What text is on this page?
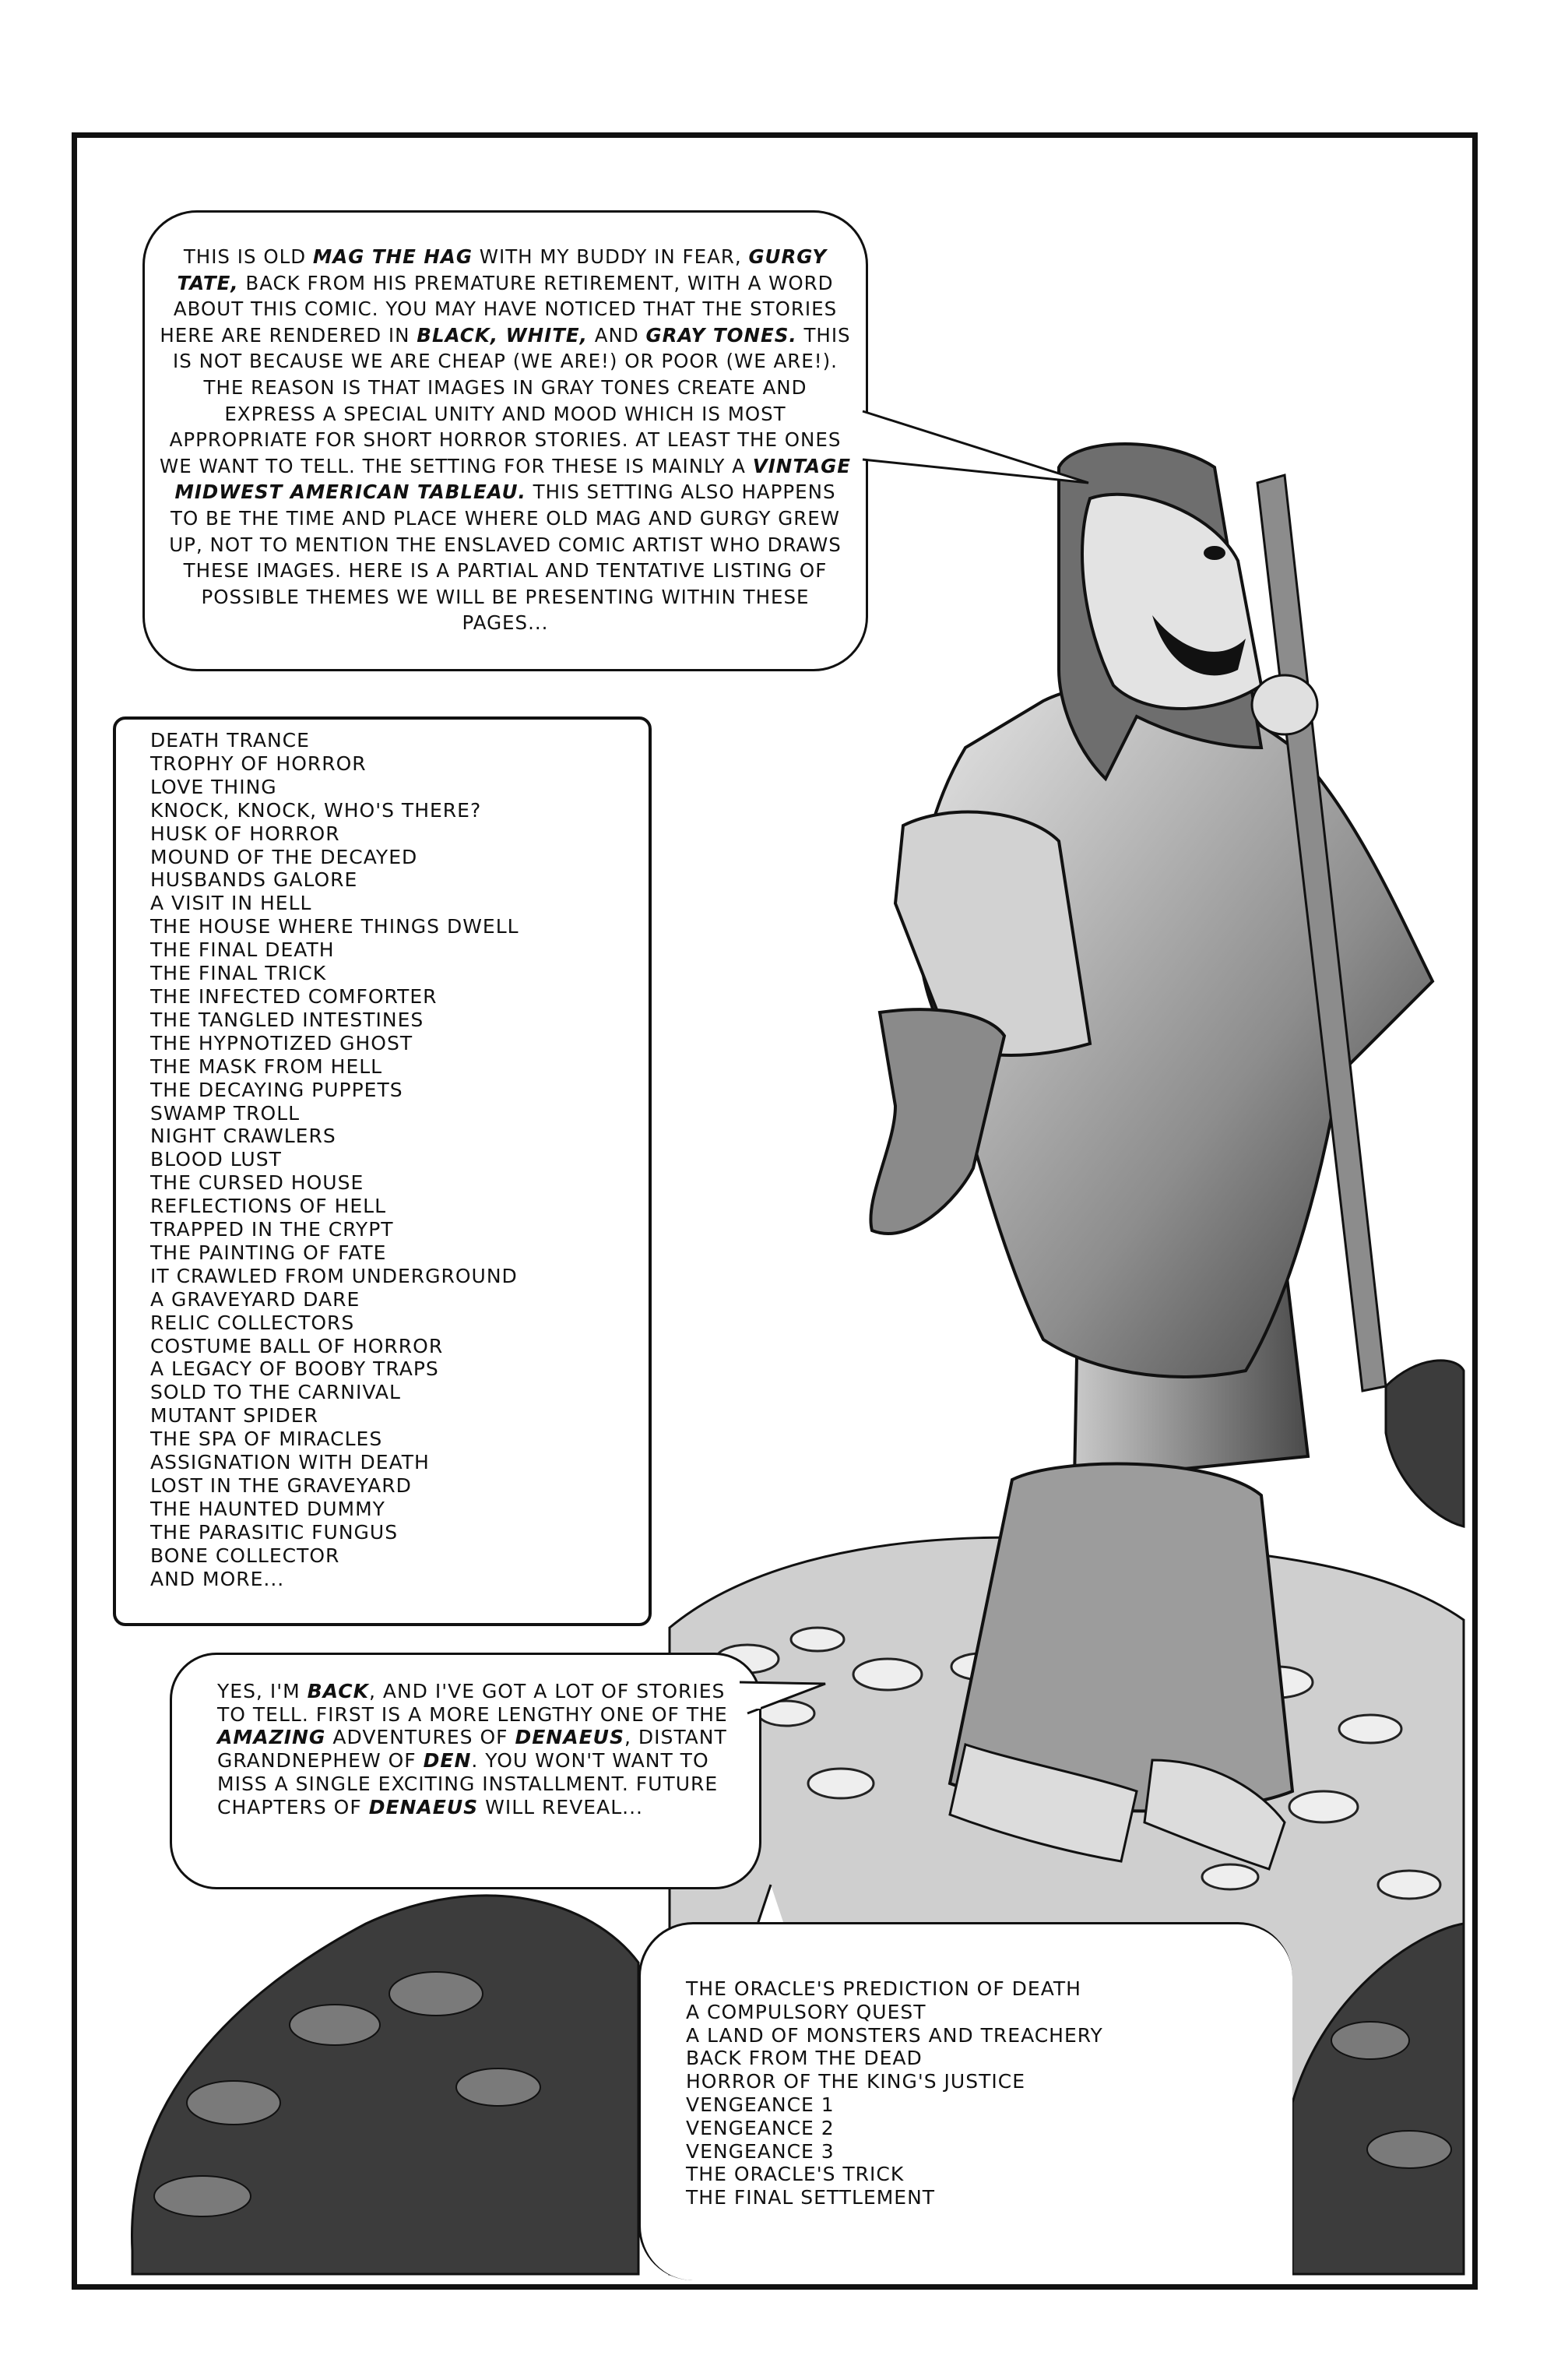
THIS IS OLD MAG THE HAG WITH MY BUDDY IN FEAR, GURGY TATE, BACK FROM HIS PREMATURE RETIREMENT, WITH A WORD ABOUT THIS COMIC. YOU MAY HAVE NOTICED THAT THE STORIES HERE ARE RENDERED IN BLACK, WHITE, AND GRAY TONES. THIS IS NOT BECAUSE WE ARE CHEAP (WE ARE!) OR POOR (WE ARE!). THE REASON IS THAT IMAGES IN GRAY TONES CREATE AND EXPRESS A SPECIAL UNITY AND MOOD WHICH IS MOST APPROPRIATE FOR SHORT HORROR STORIES. AT LEAST THE ONES WE WANT TO TELL. THE SETTING FOR THESE IS MAINLY A VINTAGE MIDWEST AMERICAN TABLEAU. THIS SETTING ALSO HAPPENS TO BE THE TIME AND PLACE WHERE OLD MAG AND GURGY GREW UP, NOT TO MENTION THE ENSLAVED COMIC ARTIST WHO DRAWS THESE IMAGES. HERE IS A PARTIAL AND TENTATIVE LISTING OF POSSIBLE THEMES WE WILL BE PRESENTING WITHIN THESE PAGES...
DEATH TRANCE
TROPHY OF HORROR
LOVE THING
KNOCK, KNOCK, WHO'S THERE?
HUSK OF HORROR
MOUND OF THE DECAYED
HUSBANDS GALORE
A VISIT IN HELL
THE HOUSE WHERE THINGS DWELL
THE FINAL DEATH
THE FINAL TRICK
THE INFECTED COMFORTER
THE TANGLED INTESTINES
THE HYPNOTIZED GHOST
THE MASK FROM HELL
THE DECAYING PUPPETS
SWAMP TROLL
NIGHT CRAWLERS
BLOOD LUST
THE CURSED HOUSE
REFLECTIONS OF HELL
TRAPPED IN THE CRYPT
THE PAINTING OF FATE
IT CRAWLED FROM UNDERGROUND
A GRAVEYARD DARE
RELIC COLLECTORS
COSTUME BALL OF HORROR
A LEGACY OF BOOBY TRAPS
SOLD TO THE CARNIVAL
MUTANT SPIDER
THE SPA OF MIRACLES
ASSIGNATION WITH DEATH
LOST IN THE GRAVEYARD
THE HAUNTED DUMMY
THE PARASITIC FUNGUS
BONE COLLECTOR
AND MORE...
YES, I'M BACK, AND I'VE GOT A LOT OF STORIES TO TELL. FIRST IS A MORE LENGTHY ONE OF THE AMAZING ADVENTURES OF DENAEUS, DISTANT GRANDNEPHEW OF DEN. YOU WON'T WANT TO MISS A SINGLE EXCITING INSTALLMENT. FUTURE CHAPTERS OF DENAEUS WILL REVEAL...
THE ORACLE'S PREDICTION OF DEATH
A COMPULSORY QUEST
A LAND OF MONSTERS AND TREACHERY
BACK FROM THE DEAD
HORROR OF THE KING'S JUSTICE
VENGEANCE 1
VENGEANCE 2
VENGEANCE 3
THE ORACLE'S TRICK
THE FINAL SETTLEMENT
